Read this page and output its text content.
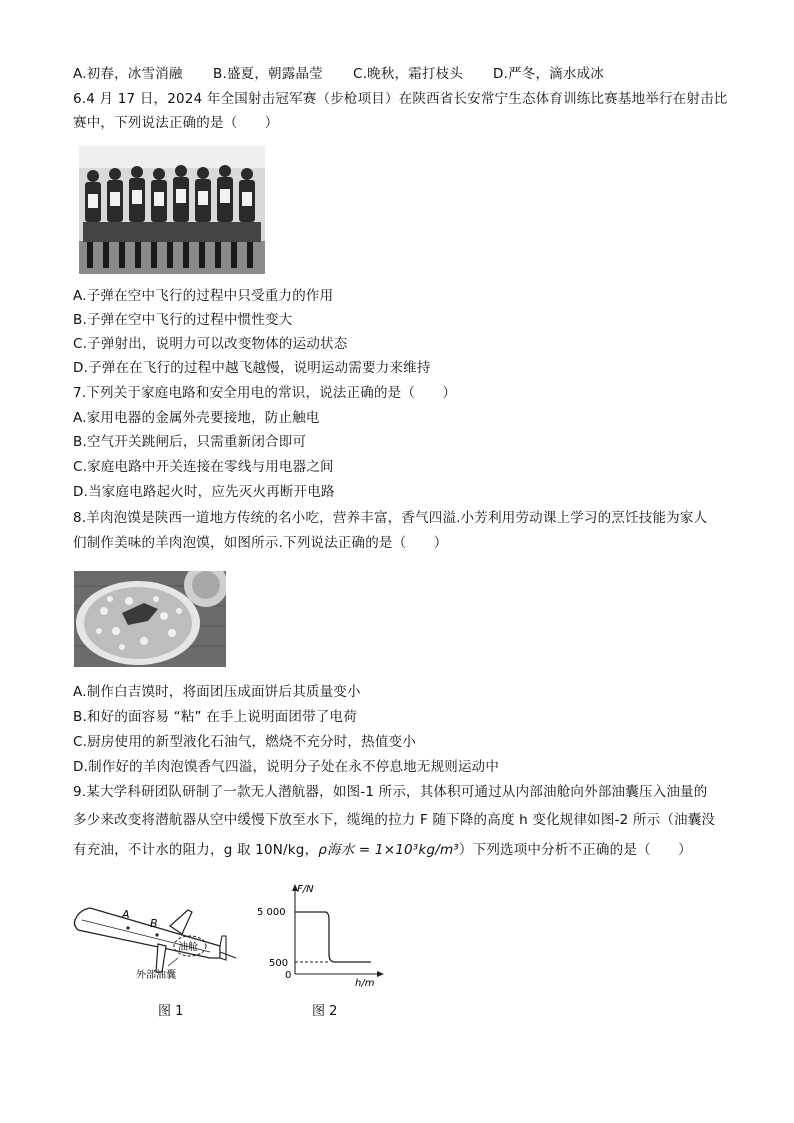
A.初春，冰雪消融	B.盛夏，朝露晶莹	C.晚秋，霜打枝头	D.严冬，滴水成冰
6.4 月 17 日，2024 年全国射击冠军赛（步枪项目）在陕西省长安常宁生态体育训练比赛基地举行在射击比
赛中，下列说法正确的是（　　）
A.子弹在空中飞行的过程中只受重力的作用
B.子弹在空中飞行的过程中惯性变大
C.子弹射出，说明力可以改变物体的运动状态
D.子弹在在飞行的过程中越飞越慢，说明运动需要力来维持
7.下列关于家庭电路和安全用电的常识，说法正确的是（　　）
A.家用电器的金属外壳要接地，防止触电
B.空气开关跳闸后，只需重新闭合即可
C.家庭电路中开关连接在零线与用电器之间
D.当家庭电路起火时，应先灭火再断开电路
8.羊肉泡馍是陕西一道地方传统的名小吃，营养丰富，香气四溢.小芳利用劳动课上学习的烹饪技能为家人
们制作美味的羊肉泡馍，如图所示.下列说法正确的是（　　）
A.制作白吉馍时，将面团压成面饼后其质量变小
B.和好的面容易 “粘” 在手上说明面团带了电荷
C.厨房使用的新型液化石油气，燃烧不充分时，热值变小
D.制作好的羊肉泡馍香气四溢，说明分子处在永不停息地无规则运动中
9.某大学科研团队研制了一款无人潜航器，如图-1 所示，其体积可通过从内部油舱向外部油囊压入油量的
多少来改变将潜航器从空中缓慢下放至水下，缆绳的拉力 F 随下降的高度 h 变化规律如图-2 所示（油囊没
有充油，不计水的阻力，g 取 10N/kg，ρ海水 = 1×10³kg/m³）下列选项中分析不正确的是（　　）
A
B
油舱
外部油囊
图 1
F/N
h/m
5 000
500
0
图 2
